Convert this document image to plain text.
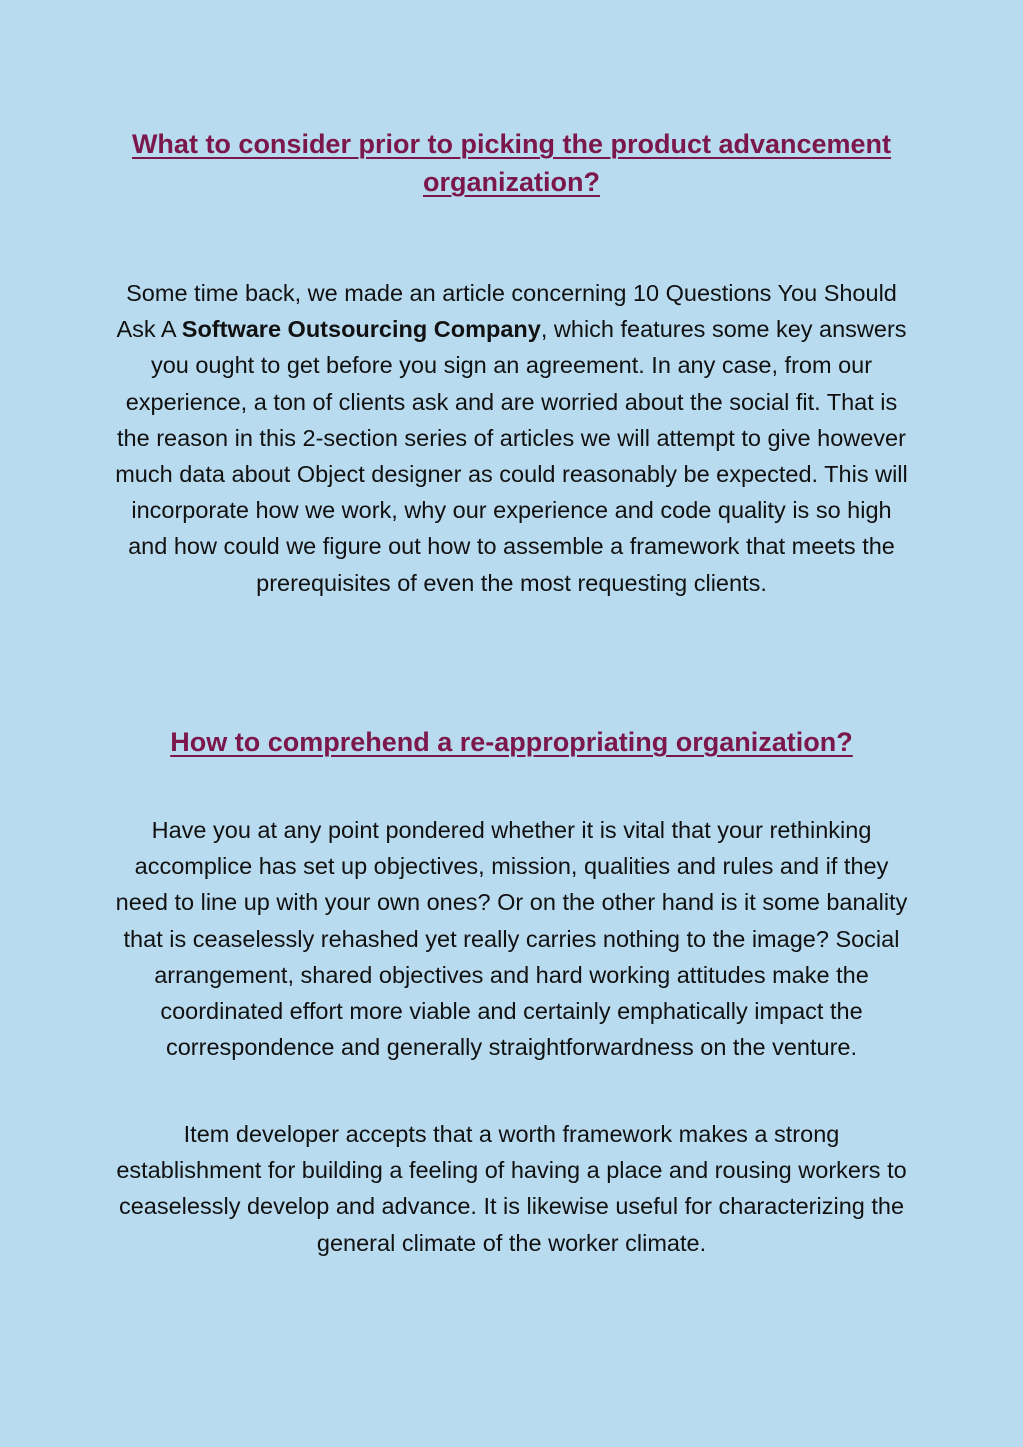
What to consider prior to picking the product advancement organization?

Some time back, we made an article concerning 10 Questions You Should Ask A Software Outsourcing Company, which features some key answers you ought to get before you sign an agreement. In any case, from our experience, a ton of clients ask and are worried about the social fit. That is the reason in this 2-section series of articles we will attempt to give however much data about Object designer as could reasonably be expected. This will incorporate how we work, why our experience and code quality is so high and how could we figure out how to assemble a framework that meets the prerequisites of even the most requesting clients.

How to comprehend a re-appropriating organization?

Have you at any point pondered whether it is vital that your rethinking accomplice has set up objectives, mission, qualities and rules and if they need to line up with your own ones? Or on the other hand is it some banality that is ceaselessly rehashed yet really carries nothing to the image? Social arrangement, shared objectives and hard working attitudes make the coordinated effort more viable and certainly emphatically impact the correspondence and generally straightforwardness on the venture.

Item developer accepts that a worth framework makes a strong establishment for building a feeling of having a place and rousing workers to ceaselessly develop and advance. It is likewise useful for characterizing the general climate of the worker climate.
